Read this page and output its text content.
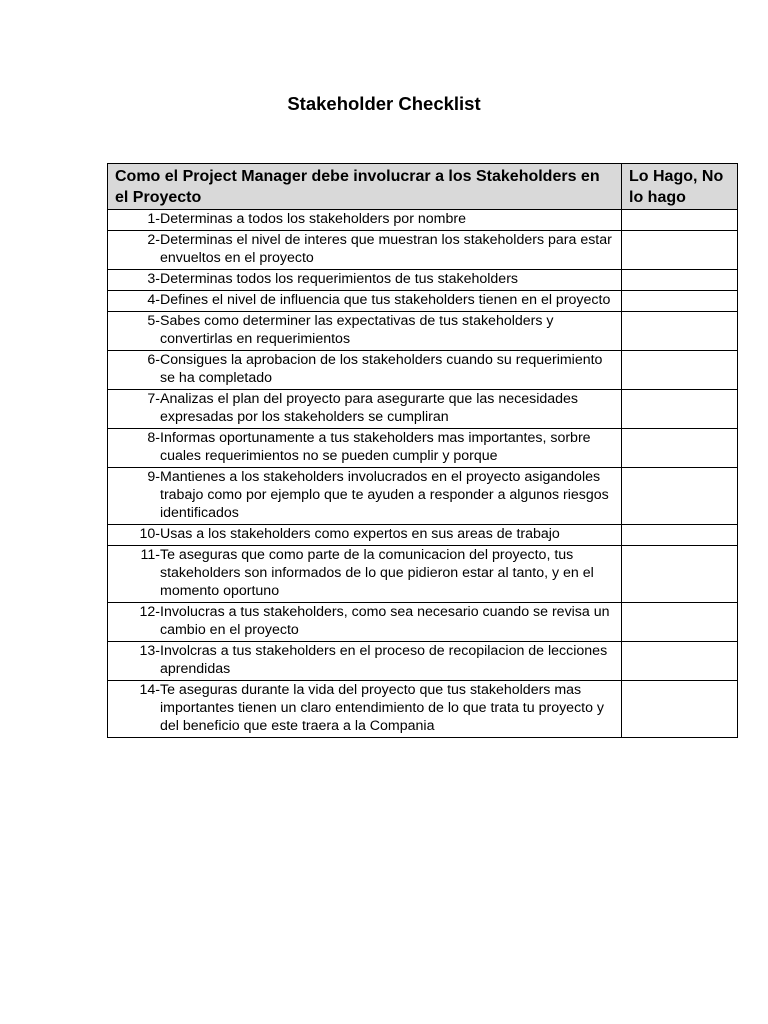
Stakeholder Checklist
Como el Project Manager debe involucrar a los Stakeholders en el Proyecto	Lo Hago, No lo hago

1- Determinas a todos los stakeholders por nombre	

2- Determinas el nivel de interes que muestran los stakeholders para estar envueltos en el proyecto	

3- Determinas todos los requerimientos de tus stakeholders	

4- Defines el nivel de influencia que tus stakeholders tienen en el proyecto	

5- Sabes como determiner las expectativas de tus stakeholders y convertirlas en requerimientos	

6- Consigues la aprobacion de los stakeholders cuando su requerimiento se ha completado	

7- Analizas el plan del proyecto para asegurarte que las necesidades expresadas por los stakeholders se cumpliran	

8- Informas oportunamente a tus stakeholders mas importantes, sorbre cuales requerimientos no se pueden cumplir y porque	

9- Mantienes a los stakeholders involucrados en el proyecto asigandoles trabajo como por ejemplo que te ayuden a responder a algunos riesgos identificados	

10- Usas a los stakeholders como expertos en sus areas de trabajo	

11- Te aseguras que como parte de la comunicacion del proyecto, tus stakeholders son informados de lo que pidieron estar al tanto, y en el momento oportuno	

12- Involucras a tus stakeholders, como sea necesario cuando se revisa un cambio en el proyecto	

13- Involcras a tus stakeholders en el proceso de recopilacion de lecciones aprendidas	

14- Te aseguras durante la vida del proyecto que tus stakeholders mas importantes tienen un claro entendimiento de lo que trata tu proyecto y del beneficio que este traera a la Compania	
